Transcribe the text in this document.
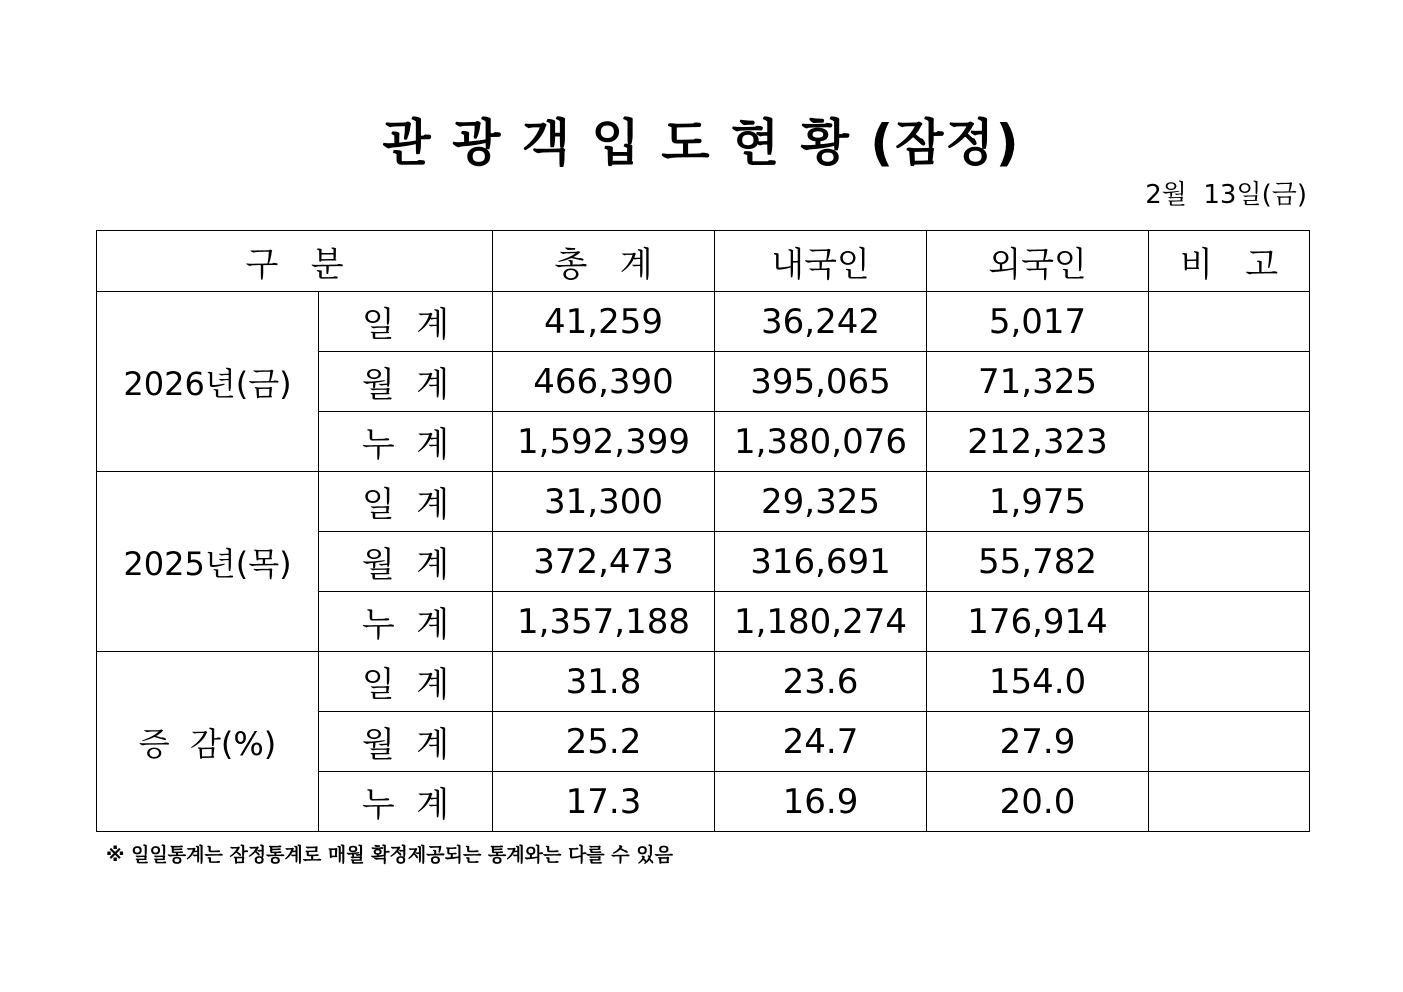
관 광 객 입 도 현 황 (잠정)
2월  13일(금)
구   분		총   계	내국인	외국인	비   고
2026년(금)	일  계	41,259	36,242	5,017	
	월  계	466,390	395,065	71,325	
	누  계	1,592,399	1,380,076	212,323	
2025년(목)	일  계	31,300	29,325	1,975	
	월  계	372,473	316,691	55,782	
	누  계	1,357,188	1,180,274	176,914	
증  감(%)	일  계	31.8	23.6	154.0	
	월  계	25.2	24.7	27.9	
	누  계	17.3	16.9	20.0	
※ 일일통계는 잠정통계로 매월 확정제공되는 통계와는 다를 수 있음
